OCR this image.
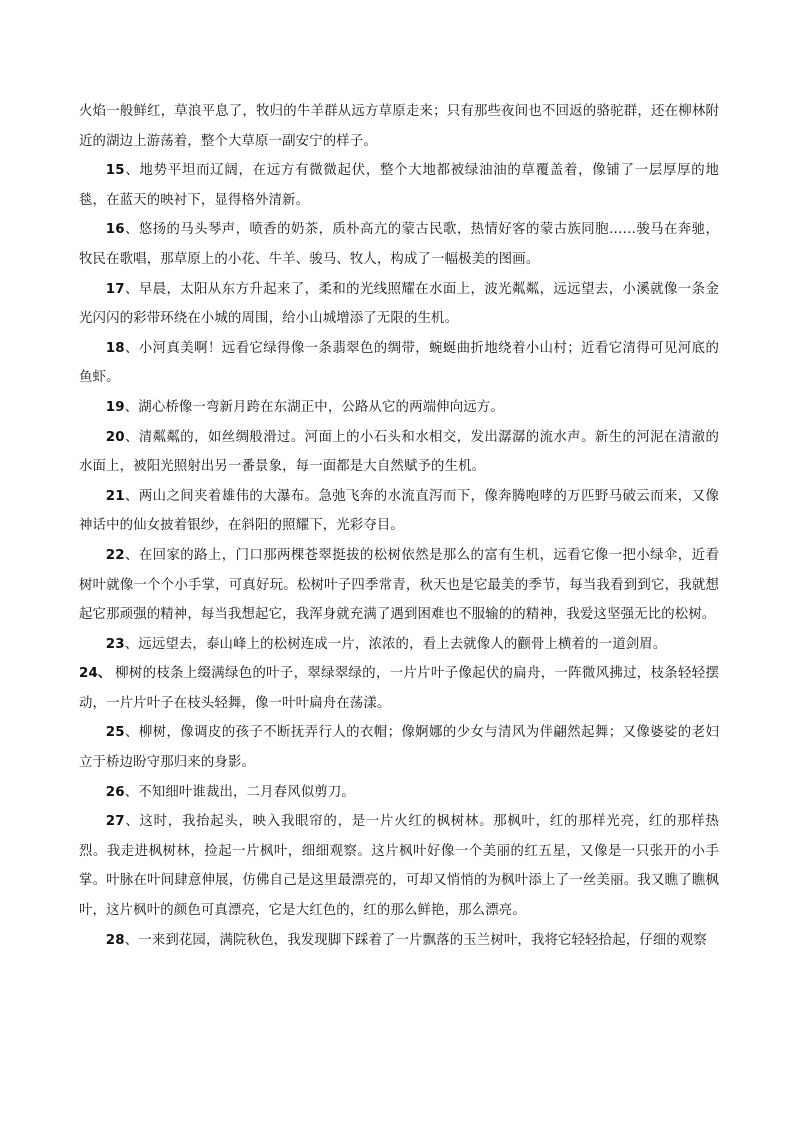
火焰一般鲜红，草浪平息了，牧归的牛羊群从远方草原走来；只有那些夜间也不回返的骆驼群，还在柳林附近的湖边上游荡着，整个大草原一副安宁的样子。

15、地势平坦而辽阔，在远方有微微起伏，整个大地都被绿油油的草覆盖着，像铺了一层厚厚的地毯，在蓝天的映衬下，显得格外清新。

16、悠扬的马头琴声，喷香的奶茶，质朴高亢的蒙古民歌，热情好客的蒙古族同胞……骏马在奔驰，牧民在歌唱，那草原上的小花、牛羊、骏马、牧人，构成了一幅极美的图画。

17、早晨，太阳从东方升起来了，柔和的光线照耀在水面上，波光粼粼，远远望去，小溪就像一条金光闪闪的彩带环绕在小城的周围，给小山城增添了无限的生机。

18、小河真美啊！远看它绿得像一条翡翠色的绸带，蜿蜒曲折地绕着小山村；近看它清得可见河底的鱼虾。

19、湖心桥像一弯新月跨在东湖正中，公路从它的两端伸向远方。

20、清粼粼的，如丝绸般滑过。河面上的小石头和水相交，发出潺潺的流水声。新生的河泥在清澈的水面上，被阳光照射出另一番景象，每一面都是大自然赋予的生机。

21、两山之间夹着雄伟的大瀑布。急弛飞奔的水流直泻而下，像奔腾咆哮的万匹野马破云而来，又像神话中的仙女披着银纱，在斜阳的照耀下，光彩夺目。

22、在回家的路上，门口那两棵苍翠挺拔的松树依然是那么的富有生机，远看它像一把小绿伞，近看树叶就像一个个小手掌，可真好玩。松树叶子四季常青，秋天也是它最美的季节，每当我看到到它，我就想起它那顽强的精神，每当我想起它，我浑身就充满了遇到困难也不服输的的精神，我爱这坚强无比的松树。

23、远远望去，泰山峰上的松树连成一片，浓浓的，看上去就像人的颧骨上横着的一道剑眉。

24、 柳树的枝条上缀满绿色的叶子，翠绿翠绿的，一片片叶子像起伏的扁舟，一阵微风拂过，枝条轻轻摆动，一片片叶子在枝头轻舞，像一叶叶扁舟在荡漾。

25、柳树，像调皮的孩子不断抚弄行人的衣帽；像婀娜的少女与清风为伴翩然起舞；又像婆娑的老妇立于桥边盼守那归来的身影。

26、不知细叶谁裁出，二月春风似剪刀。

27、这时，我抬起头，映入我眼帘的，是一片火红的枫树林。那枫叶，红的那样光亮，红的那样热烈。我走进枫树林，捡起一片枫叶，细细观察。这片枫叶好像一个美丽的红五星，又像是一只张开的小手掌。叶脉在叶间肆意伸展，仿佛自己是这里最漂亮的，可却又悄悄的为枫叶添上了一丝美丽。我又瞧了瞧枫叶，这片枫叶的颜色可真漂亮，它是大红色的，红的那么鲜艳，那么漂亮。

28、一来到花园，满院秋色，我发现脚下踩着了一片飘落的玉兰树叶，我将它轻轻拾起，仔细的观察
